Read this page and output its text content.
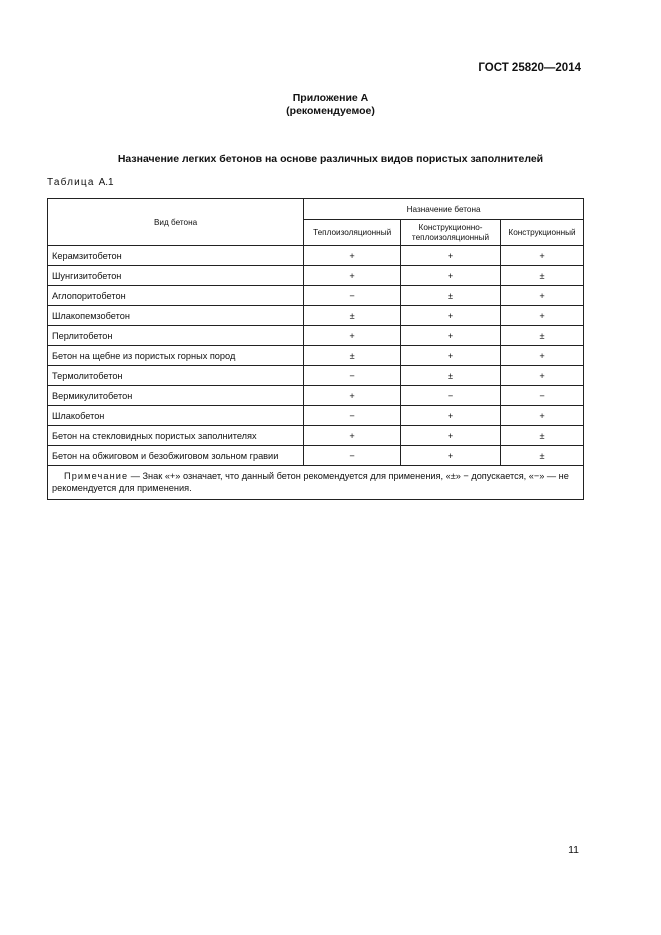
ГОСТ 25820—2014
Приложение А
(рекомендуемое)
Назначение легких бетонов на основе различных видов пористых заполнителей
Таблица А.1
Вид бетона	Назначение бетона		
	Теплоизоляционный	Конструкционно-теплоизоляционный	Конструкционный
Керамзитобетон	+	+	+
Шунгизитобетон	+	+	±
Аглопоритобетон	−	±	+
Шлакопемзобетон	±	+	+
Перлитобетон	+	+	±
Бетон на щебне из пористых горных пород	±	+	+
Термолитобетон	−	±	+
Вермикулитобетон	+	−	−
Шлакобетон	−	+	+
Бетон на стекловидных пористых заполнителях	+	+	±
Бетон на обжиговом и безобжиговом зольном гравии	−	+	±
Примечание — Знак «+» означает, что данный бетон рекомендуется для применения, «±» − допускается, «−» — не рекомендуется для применения.			
11
